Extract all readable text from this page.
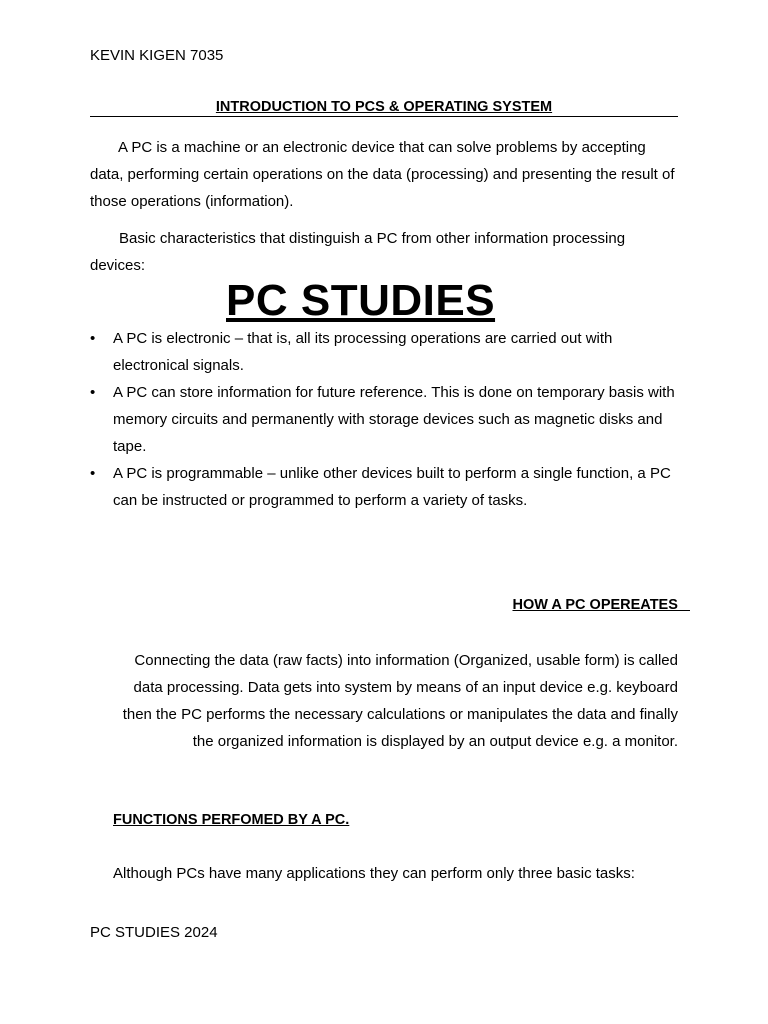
KEVIN KIGEN 7035
INTRODUCTION TO PCS & OPERATING SYSTEM
A PC is a machine or an electronic device that can solve problems by accepting data, performing certain operations on the data (processing) and presenting the result of those operations (information).
Basic characteristics that distinguish a PC from other information processing devices:
PC STUDIES
• A PC is electronic – that is, all its processing operations are carried out with electronical signals.
• A PC can store information for future reference. This is done on temporary basis with memory circuits and permanently with storage devices such as magnetic disks and tape.
• A PC is programmable – unlike other devices built to perform a single function, a PC can be instructed or programmed to perform a variety of tasks.
HOW A PC OPEREATES
Connecting the data (raw facts) into information (Organized, usable form) is called data processing. Data gets into system by means of an input device e.g. keyboard then the PC performs the necessary calculations or manipulates the data and finally the organized information is displayed by an output device e.g. a monitor.
FUNCTIONS PERFOMED BY A PC.
Although PCs have many applications they can perform only three basic tasks:
PC STUDIES 2024
